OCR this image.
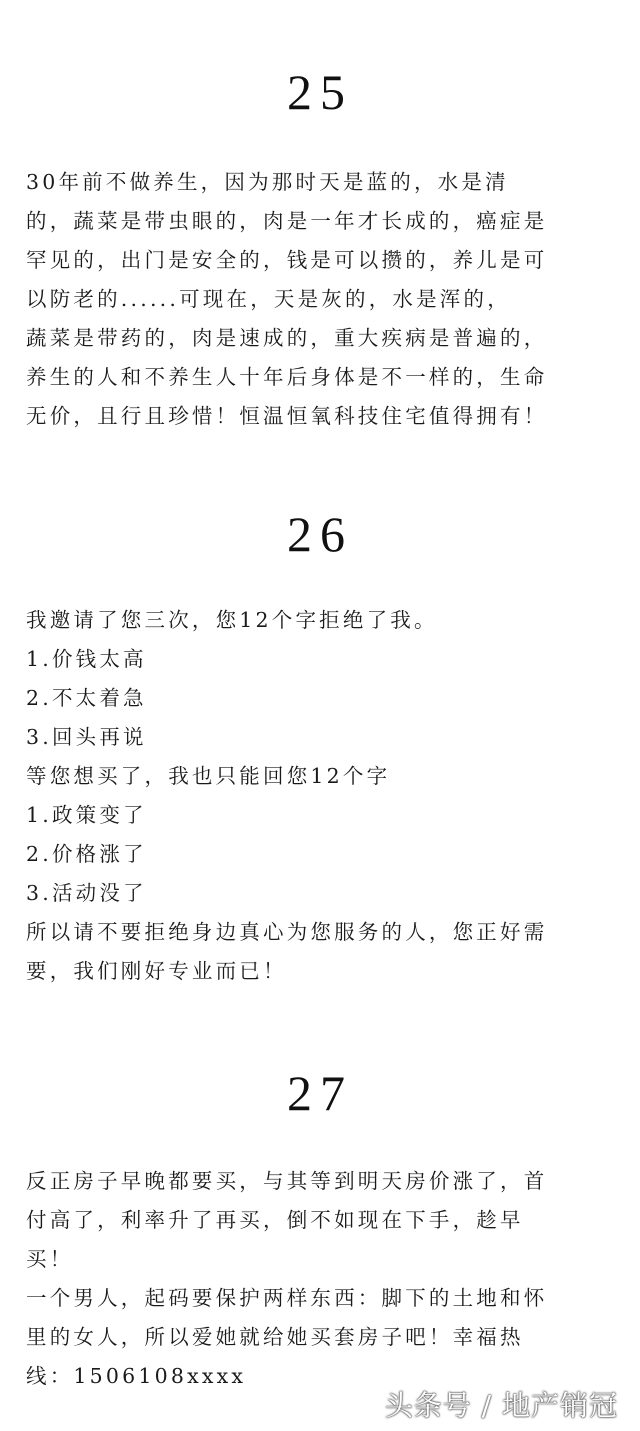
25

30年前不做养生，因为那时天是蓝的，水是清
的，蔬菜是带虫眼的，肉是一年才长成的，癌症是
罕见的，出门是安全的，钱是可以攒的，养儿是可
以防老的......可现在，天是灰的，水是浑的，
蔬菜是带药的，肉是速成的，重大疾病是普遍的，
养生的人和不养生人十年后身体是不一样的，生命
无价，且行且珍惜！恒温恒氧科技住宅值得拥有！

26

我邀请了您三次，您12个字拒绝了我。
1.价钱太高
2.不太着急
3.回头再说
等您想买了，我也只能回您12个字
1.政策变了
2.价格涨了
3.活动没了
所以请不要拒绝身边真心为您服务的人，您正好需
要，我们刚好专业而已！

27

反正房子早晚都要买，与其等到明天房价涨了，首
付高了，利率升了再买，倒不如现在下手，趁早
买！
一个男人，起码要保护两样东西：脚下的土地和怀
里的女人，所以爱她就给她买套房子吧！幸福热
线：1506108xxxx

头条号 / 地产销冠
